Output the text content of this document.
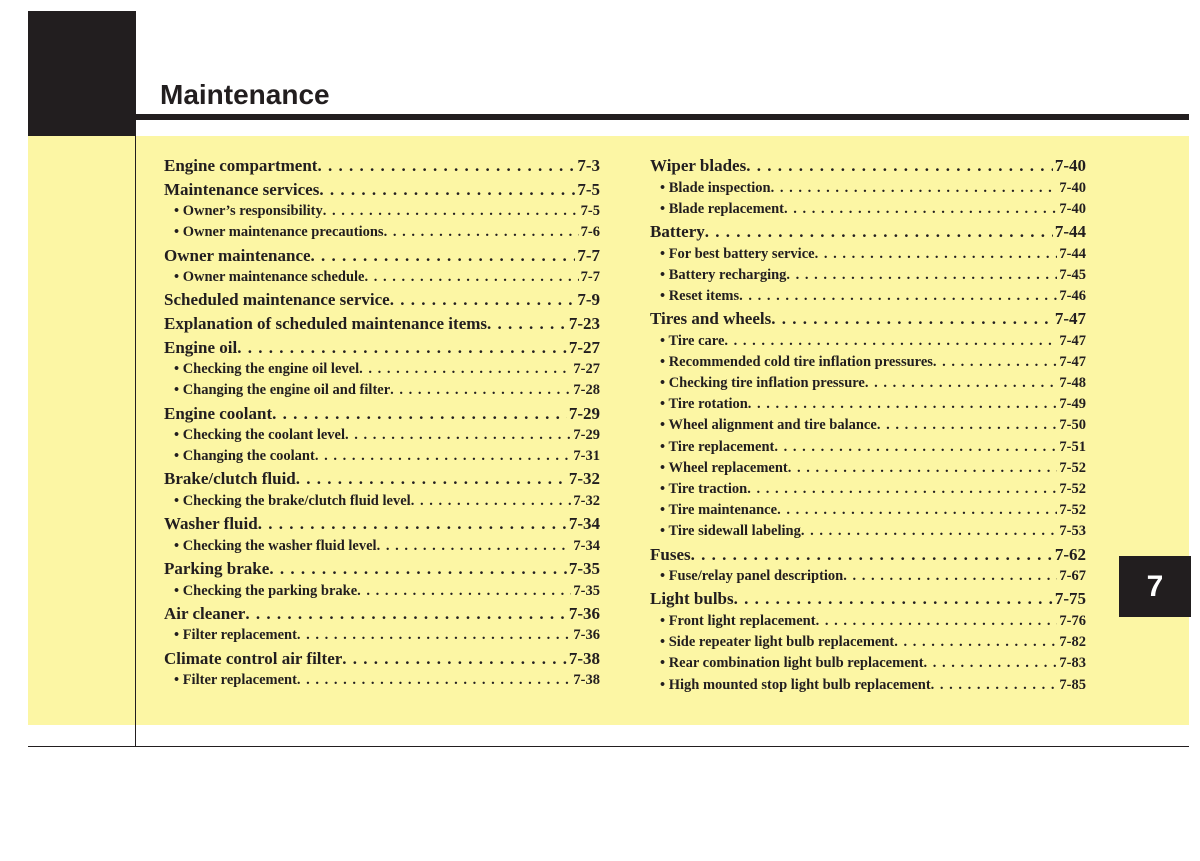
Maintenance
Engine compartment . . .	7-3
Maintenance services . . .	7-5
• Owner’s responsibility . . .	7-5
• Owner maintenance precautions . . .	7-6
Owner maintenance . . .	7-7
• Owner maintenance schedule . . .	7-7
Scheduled maintenance service . . .	7-9
Explanation of scheduled maintenance items . . .	7-23
Engine oil . . .	7-27
• Checking the engine oil level . . .	7-27
• Changing the engine oil and filter . . .	7-28
Engine coolant . . .	7-29
• Checking the coolant level . . .	7-29
• Changing the coolant . . .	7-31
Brake/clutch fluid . . .	7-32
• Checking the brake/clutch fluid level . . .	7-32
Washer fluid . . .	7-34
• Checking the washer fluid level . . .	7-34
Parking brake . . .	7-35
• Checking the parking brake . . .	7-35
Air cleaner . . .	7-36
• Filter replacement . . .	7-36
Climate control air filter . . .	7-38
• Filter replacement . . .	7-38
Wiper blades . . .	7-40
• Blade inspection . . .	7-40
• Blade replacement . . .	7-40
Battery . . .	7-44
• For best battery service . . .	7-44
• Battery recharging . . .	7-45
• Reset items . . .	7-46
Tires and wheels . . .	7-47
• Tire care . . .	7-47
• Recommended cold tire inflation pressures . . .	7-47
• Checking tire inflation pressure . . .	7-48
• Tire rotation . . .	7-49
• Wheel alignment and tire balance . . .	7-50
• Tire replacement . . .	7-51
• Wheel replacement . . .	7-52
• Tire traction . . .	7-52
• Tire maintenance . . .	7-52
• Tire sidewall labeling . . .	7-53
Fuses . . .	7-62
• Fuse/relay panel description . . .	7-67
Light bulbs . . .	7-75
• Front light replacement . . .	7-76
• Side repeater light bulb replacement . . .	7-82
• Rear combination light bulb replacement . . .	7-83
• High mounted stop light bulb replacement . . .	7-85
7
